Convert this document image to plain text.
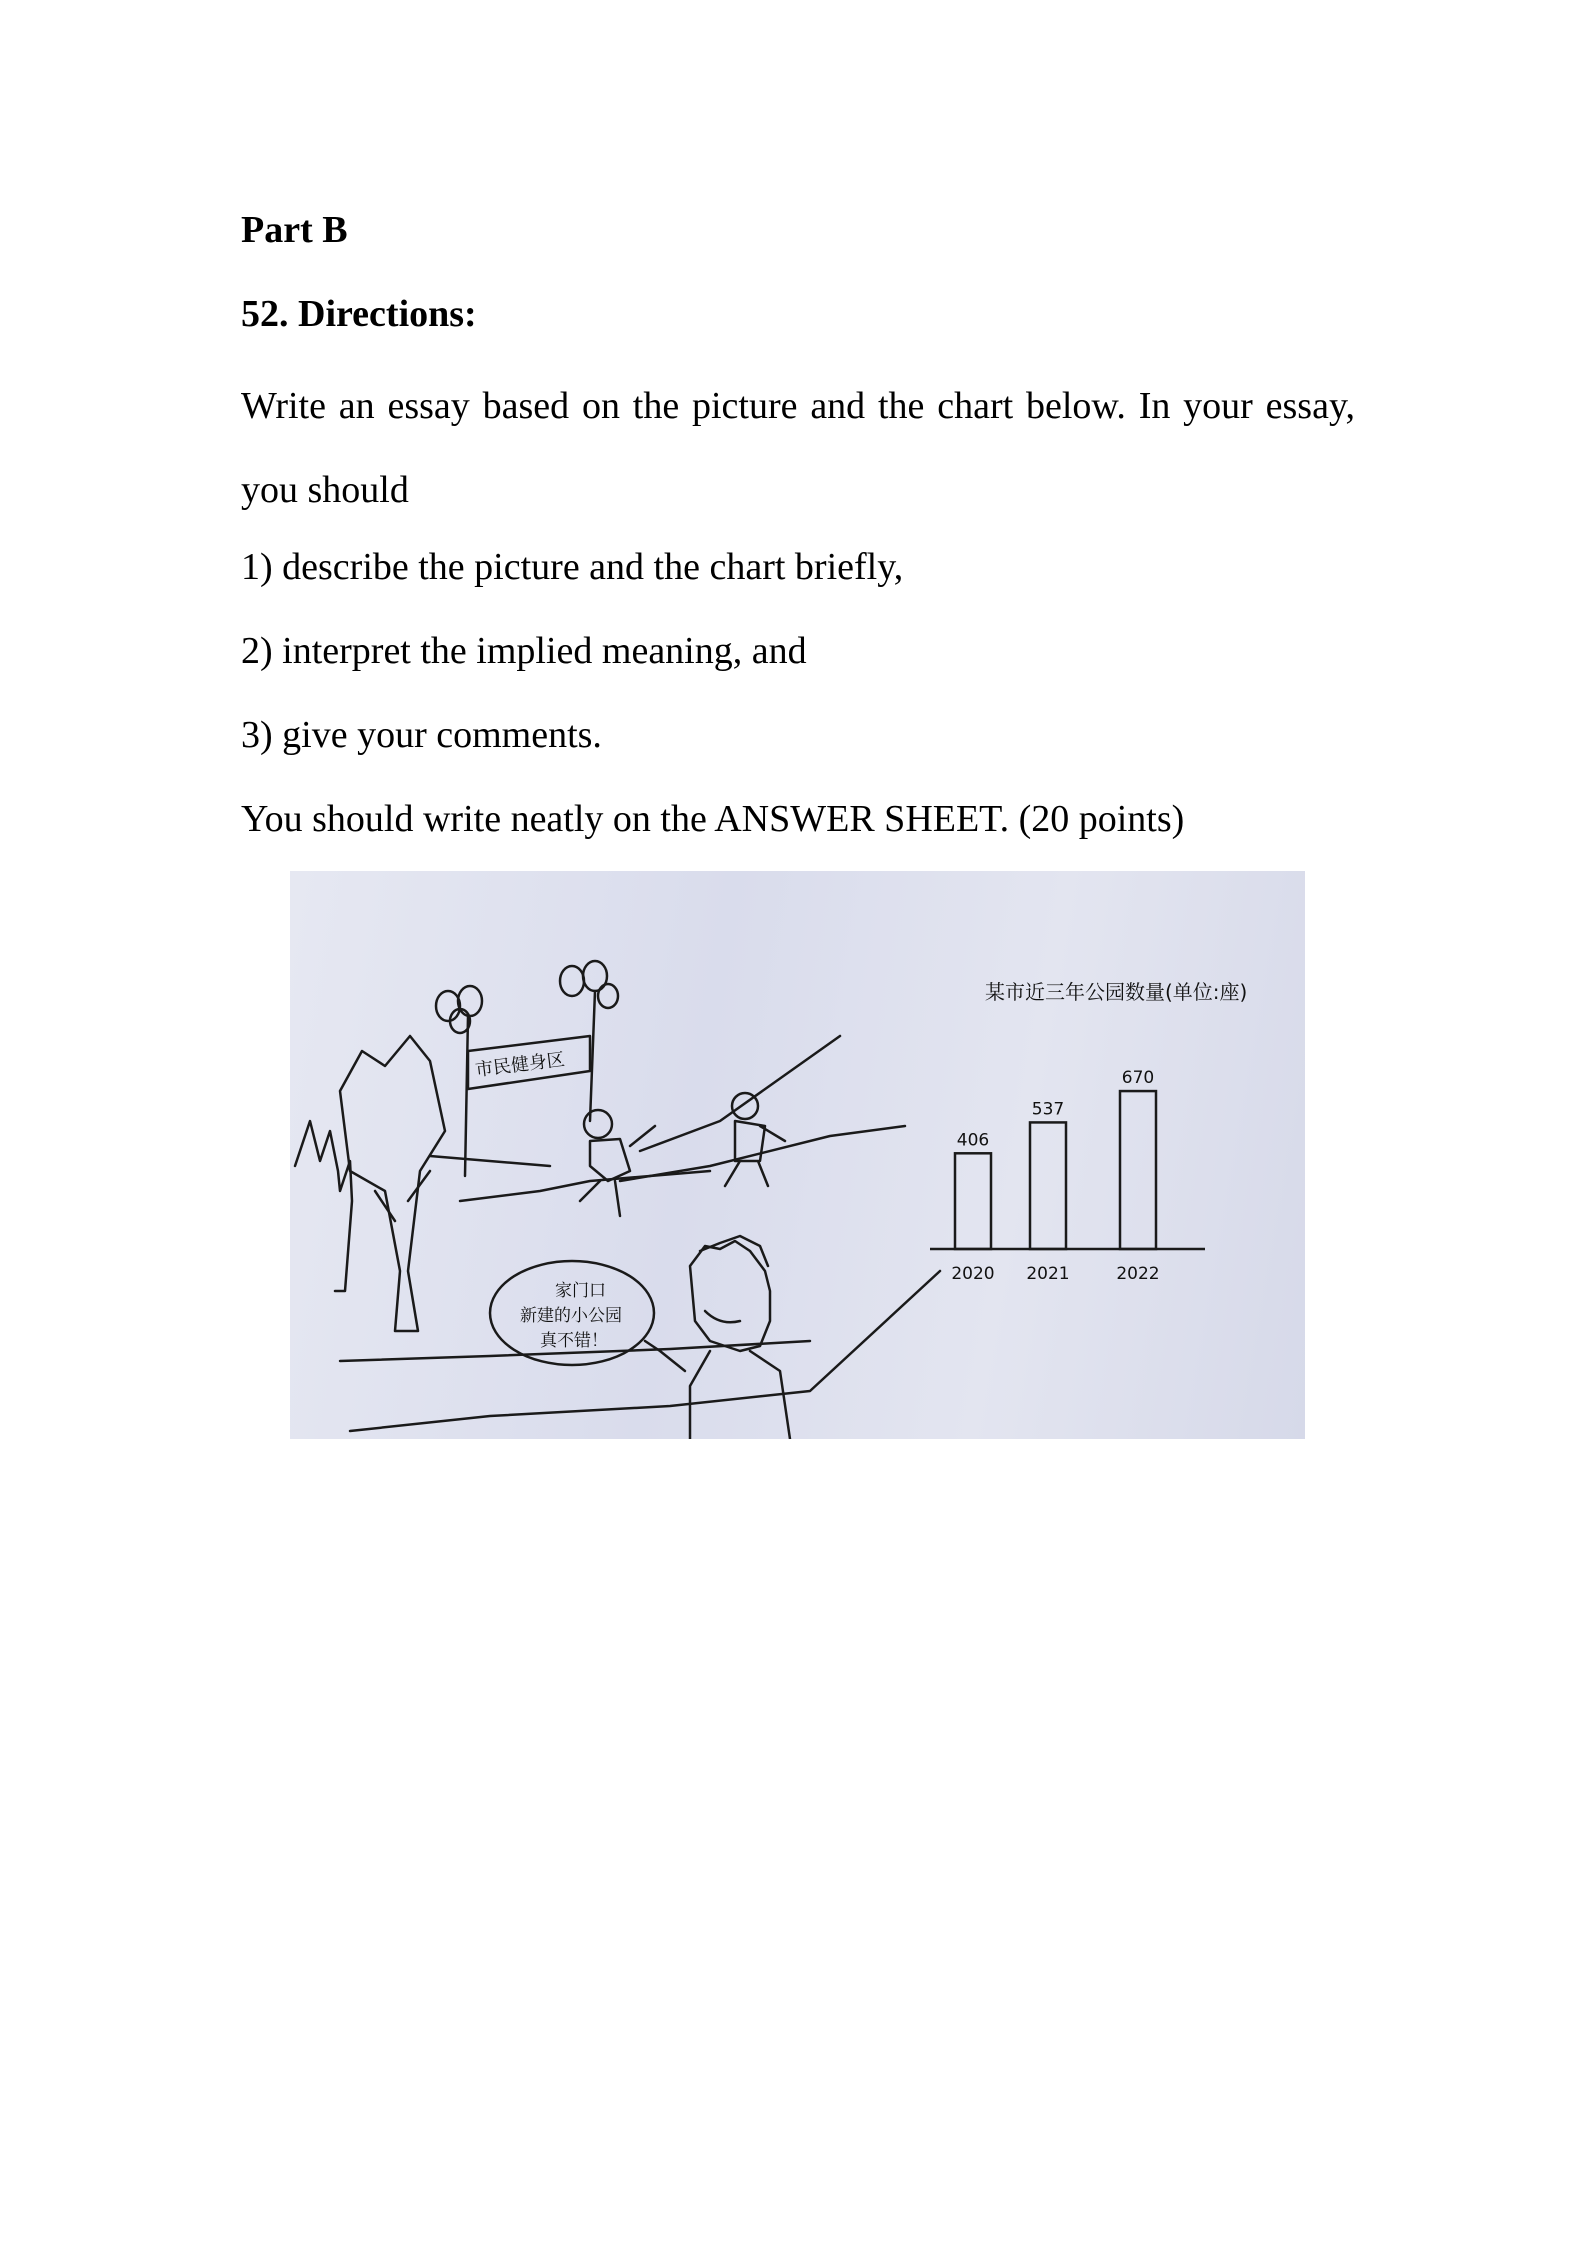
Part B
52. Directions:
Write an essay based on the picture and the chart below. In your essay, you should
1) describe the picture and the chart briefly,
2) interpret the implied meaning, and
3) give your comments.
You should write neatly on the ANSWER SHEET. (20 points)
市民健身区
家门口
新建的小公园
真不错！
某市近三年公园数量(单位:座)
406
2020
537
2021
670
2022
